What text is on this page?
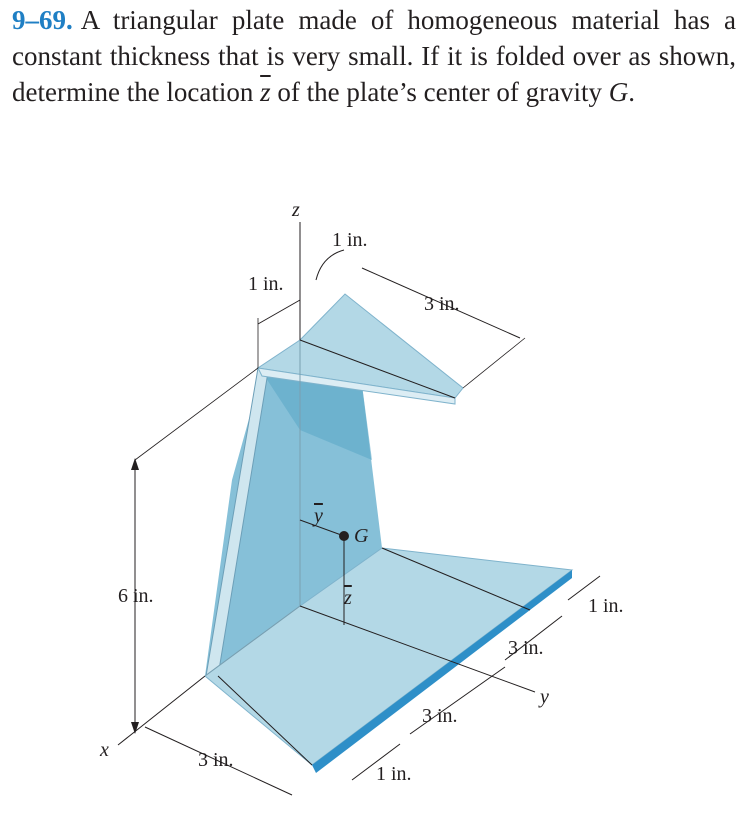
9–69. A triangular plate made of homogeneous material has a constant thickness that is very small. If it is folded over as shown, determine the location $\overline{z}$ of the plate’s center of gravity G.

z
x
y
G
y
z
1 in.
1 in.
3 in.
6 in.	1 in.
3 in.
3 in.
3 in.
1 in.
